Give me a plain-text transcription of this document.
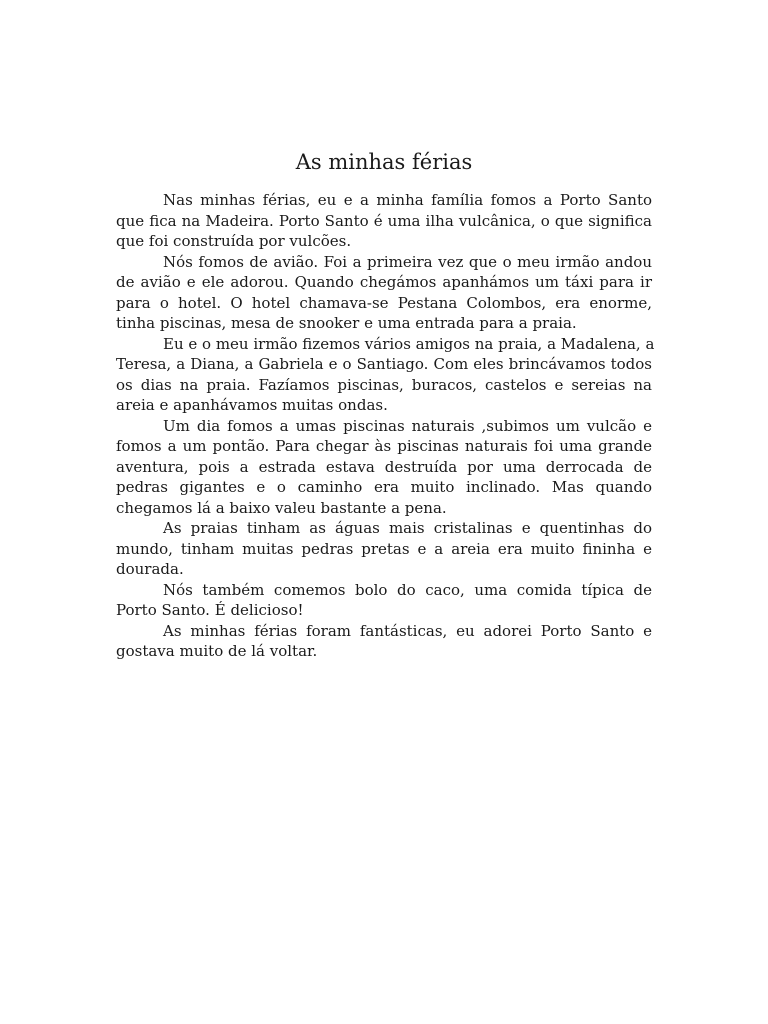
As minhas férias
Nas minhas férias, eu e a minha família fomos a Porto Santo
que fica na Madeira. Porto Santo é uma ilha vulcânica, o que significa
que foi construída por vulcões.
Nós fomos de avião. Foi a primeira vez que o meu irmão andou
de avião e ele adorou. Quando chegámos apanhámos um táxi para ir
para o hotel. O hotel chamava-se Pestana Colombos, era enorme,
tinha piscinas, mesa de snooker e uma entrada para a praia.
Eu e o meu irmão fizemos vários amigos na praia, a Madalena, a
Teresa, a Diana, a Gabriela e o Santiago. Com eles brincávamos todos
os dias na praia. Fazíamos piscinas, buracos, castelos e sereias na
areia e apanhávamos muitas ondas.
Um dia fomos a umas piscinas naturais ,subimos um vulcão e
fomos a um pontão. Para chegar às piscinas naturais foi uma grande
aventura, pois a estrada estava destruída por uma derrocada de
pedras gigantes e o caminho era muito inclinado. Mas quando
chegamos lá a baixo valeu bastante a pena.
As praias tinham as águas mais cristalinas e quentinhas do
mundo, tinham muitas pedras pretas e a areia era muito fininha e
dourada.
Nós também comemos bolo do caco, uma comida típica de
Porto Santo. É delicioso!
As minhas férias foram fantásticas, eu adorei Porto Santo e
gostava muito de lá voltar.
